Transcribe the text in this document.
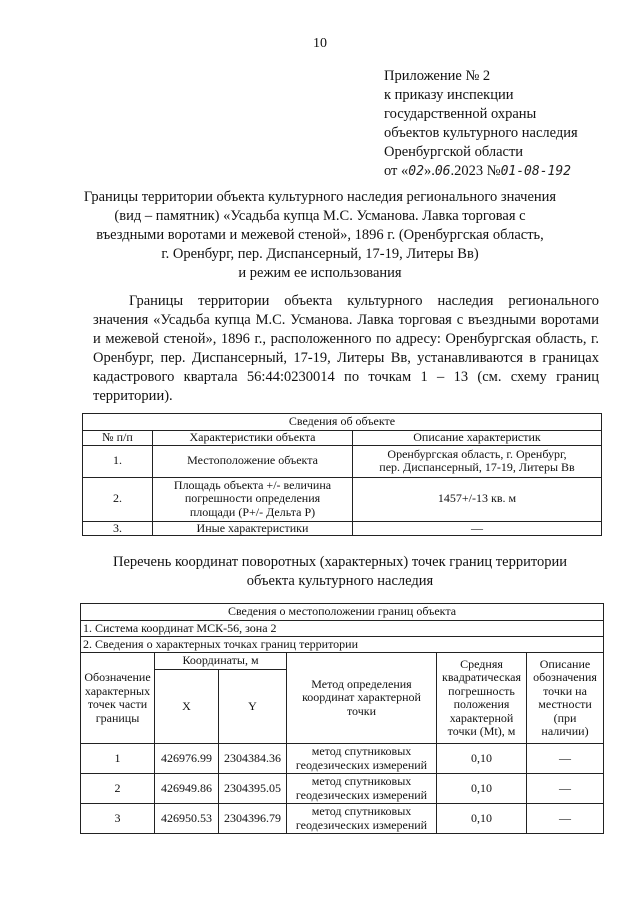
10
Приложение № 2
к приказу инспекции
государственной охраны
объектов культурного наследия
Оренбургской области
от «02».06.2023 №01-08-192
Границы территории объекта культурного наследия регионального значения
(вид – памятник) «Усадьба купца М.С. Усманова. Лавка торговая с
въездными воротами и межевой стеной», 1896 г. (Оренбургская область,
г. Оренбург, пер. Диспансерный, 17-19, Литеры Вв)
и режим ее использования
Границы территории объекта культурного наследия регионального значения «Усадьба купца М.С. Усманова. Лавка торговая с въездными воротами и межевой стеной», 1896 г., расположенного по адресу: Оренбургская область, г. Оренбург, пер. Диспансерный, 17-19, Литеры Вв, устанавливаются в границах кадастрового квартала 56:44:0230014 по точкам 1 – 13 (см. схему границ территории).
Сведения об объекте		
№ п/п	Характеристики объекта	Описание характеристик
1.	Местоположение объекта	Оренбургская область, г. Оренбург,
пер. Диспансерный, 17-19, Литеры Вв

2.	Площадь объекта +/- величина
погрешности определения
площади (P+/- Дельта P)	1457+/-13 кв. м
3.	Иные характеристики	—
Перечень координат поворотных (характерных) точек границ территории
объекта культурного наследия
Сведения о местоположении границ объекта					
1. Система координат МСК-56, зона 2					
2. Сведения о характерных точках границ территории					
Обозначение характерных точек части границы	Координаты, м		Метод определения координат характерной точки	Средняя квадратическая погрешность положения характерной точки (Mt), м	Описание обозначения точки на местности (при наличии)
	X	Y			
1	426976.99	2304384.36	метод спутниковых геодезических измерений	0,10	—
2	426949.86	2304395.05	метод спутниковых геодезических измерений	0,10	—
3	426950.53	2304396.79	метод спутниковых геодезических измерений	0,10	—
